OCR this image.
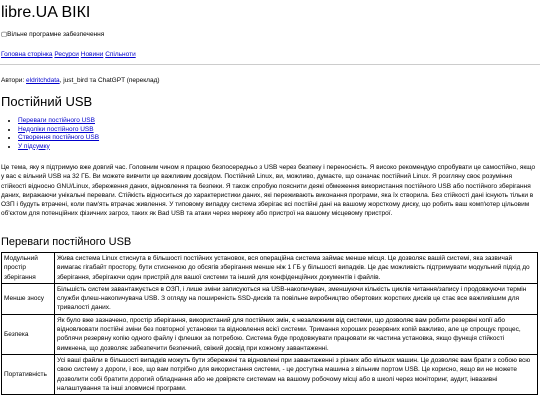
libre.UA ВІКІ
▢Вільне програмне забезпечення
Головна сторінка Ресурси Новини Спільноти
Автори: eldritchdata, just_bird та ChatGPT (переклад)
Постійний USB
• Переваги постійного USB
• Недоліки постійного USB
• Створення постійного USB
• У підсумку

Це тема, яку я підтримую вже довгий час. Головним чином я працюю безпосередньо з USB через безпеку і переносність. Я високо рекомендую спробувати це самостійно, якщо у вас є вільний USB на 32 ГБ. Ви можете вивчити це важливим досвідом. Постійний Linux, ви, можливо, думаєте, що означає постійний Linux. Я розгляну своє розуміння стійкості відносно GNU/Linux, збереження даних, відновлення та безпеки. Я також спробую пояснити деякі обмеження використання постійного USB або постійного зберігання даних, виражаючи унікальні переваги. Стійкість відноситься до характеристики даних, які переживають виконання програми, яка їх створила. Без стійкості дані існують тільки в ОЗП і будуть втрачені, коли пам'ять втрачає живлення. У типовому випадку система зберігає всі постійні дані на вашому жорсткому диску, що робить ваш комп'ютер цільовим об'єктом для потенційних фізичних загроз, таких як Bad USB та атаки через мережу або пристрої на вашому місцевому пристрої.

Переваги постійного USB
Модульний простір зберігання	Жива система Linux стиснута в більшості постійних установок, вся операційна система займає менше місця. Це дозволяє вашій системі, яка зазвичай вимагає гігабайт простору, бути стисненою до обсягів зберігання менше ніж 1 ГБ у більшості випадків. Це дає можливість підтримувати модульний підхід до зберігання, зберігаючи один пристрій для вашої системи та інший для конфіденційних документів і файлів.
Менше зносу	Більшість систем завантажується в ОЗП, і лише зміни записуються на USB-накопичувач, зменшуючи кількість циклів читання/запису і продовжуючи термін служби флеш-накопичувача USB. З огляду на поширеність SSD-дисків та повільне виробництво обертових жорстких дисків це стає все важливішим для тривалості даних.
Безпека	Як було вже зазначено, простір зберігання, використаний для постійних змін, є незалежним від системи, що дозволяє вам робити резервні копії або відновлювати постійні зміни без повторної установки та відновлення всієї системи. Тримання хороших резервних копій важливо, але це спрощує процес, роблячи резервну копію одного файлу і флешки за потребою. Система буде продовжувати працювати як частина установка, якщо функція стійкості вимкнена, що дозволяє забезпечити безпечний, свіжий досвід при кожному завантаженні.
Портативність	Усі ваші файли в більшості випадків можуть бути збережені та відновлені при завантаженні з різних або кількох машин. Це дозволяє вам брати з собою всю свою систему з дороги, і все, що вам потрібно для використання системи, - це доступна машина з вільним портом USB. Це корисно, якщо ви не можете дозволити собі братити дорогий обладнання або не довіряєте системам на вашому робочому місці або в школі через моніторинг, аудит, інвазивні налаштування та інші зловмисні програми.
